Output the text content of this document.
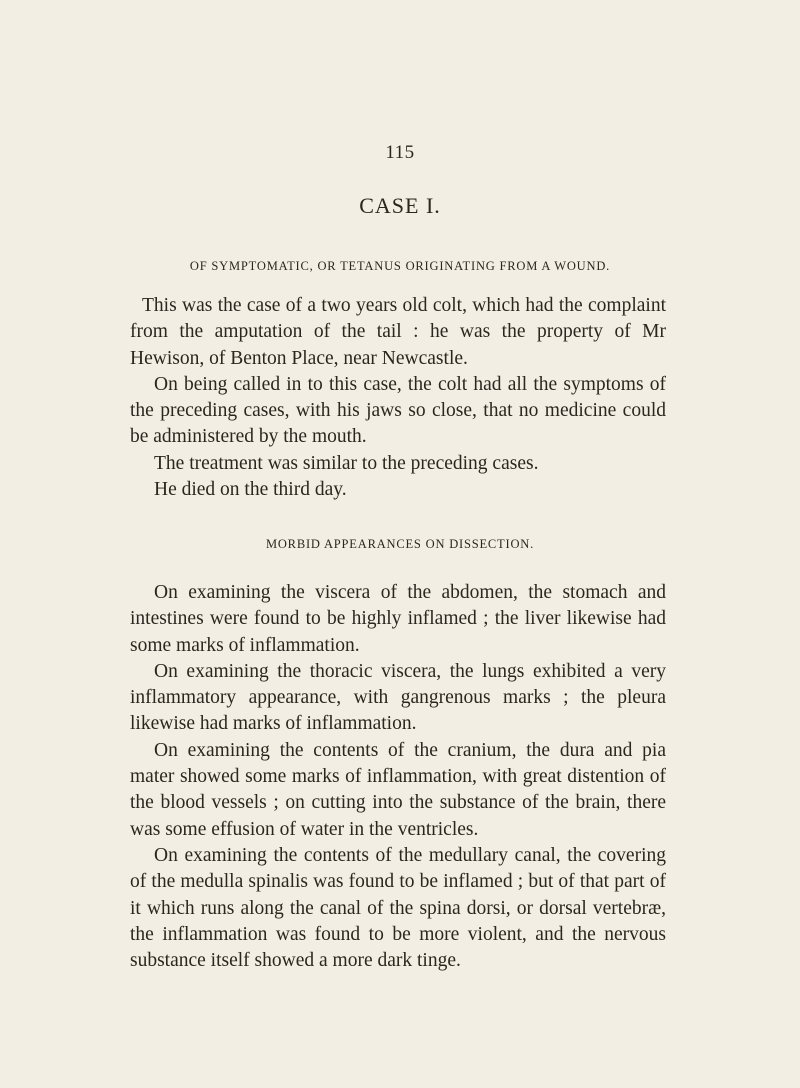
115
CASE I.
OF SYMPTOMATIC, OR TETANUS ORIGINATING FROM A WOUND.

This was the case of a two years old colt, which had the complaint from the amputation of the tail : he was the property of Mr Hewison, of Benton Place, near Newcastle.

On being called in to this case, the colt had all the symptoms of the preceding cases, with his jaws so close, that no medicine could be administered by the mouth.

The treatment was similar to the preceding cases.

He died on the third day.

MORBID APPEARANCES ON DISSECTION.

On examining the viscera of the abdomen, the stomach and intestines were found to be highly inflamed ; the liver likewise had some marks of inflammation.

On examining the thoracic viscera, the lungs exhibited a very inflammatory appearance, with gangrenous marks ; the pleura likewise had marks of inflammation.

On examining the contents of the cranium, the dura and pia mater showed some marks of inflammation, with great distention of the blood vessels ; on cutting into the substance of the brain, there was some effusion of water in the ventricles.

On examining the contents of the medullary canal, the covering of the medulla spinalis was found to be inflamed ; but of that part of it which runs along the canal of the spina dorsi, or dorsal vertebræ, the inflammation was found to be more violent, and the nervous substance itself showed a more dark tinge.
